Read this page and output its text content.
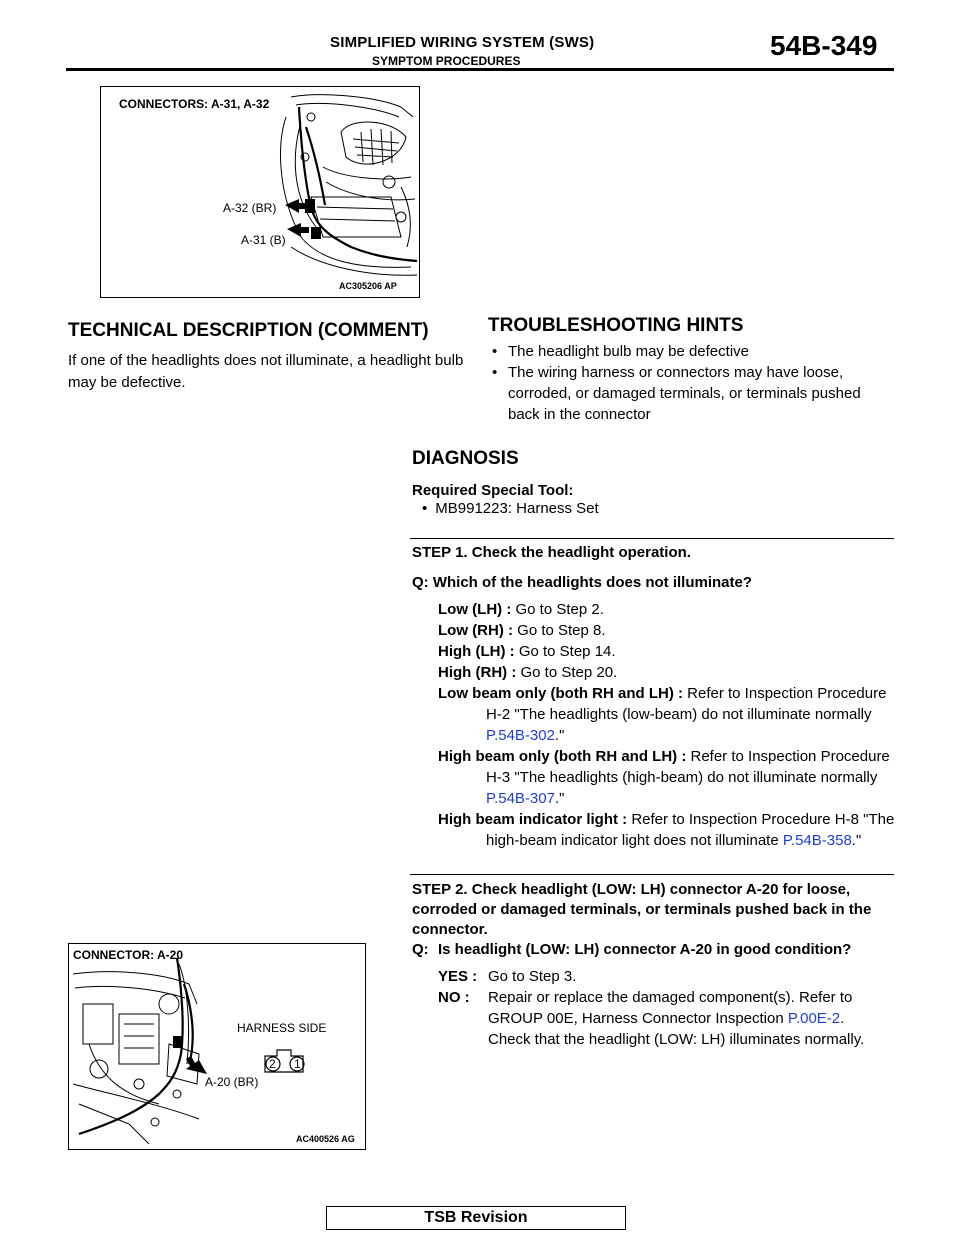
SIMPLIFIED WIRING SYSTEM (SWS)
SYMPTOM PROCEDURES	54B-349
CONNECTORS: A-31, A-32
A-32 (BR)
A-31 (B)
AC305206 AP
TECHNICAL DESCRIPTION (COMMENT)
If one of the headlights does not illuminate, a headlight bulb may be defective.
TROUBLESHOOTING HINTS
• The headlight bulb may be defective
• The wiring harness or connectors may have loose, corroded, or damaged terminals, or terminals pushed back in the connector
DIAGNOSIS
Required Special Tool:
• MB991223: Harness Set
STEP 1. Check the headlight operation.
Q: Which of the headlights does not illuminate?
Low (LH) : Go to Step 2.
Low (RH) : Go to Step 8.
High (LH) : Go to Step 14.
High (RH) : Go to Step 20.
Low beam only (both RH and LH) : Refer to Inspection Procedure H-2 "The headlights (low-beam) do not illuminate normally P.54B-302."
High beam only (both RH and LH) : Refer to Inspection Procedure H-3 "The headlights (high-beam) do not illuminate normally P.54B-307."
High beam indicator light : Refer to Inspection Procedure H-8 "The high-beam indicator light does not illuminate P.54B-358."
STEP 2. Check headlight (LOW: LH) connector A-20 for loose, corroded or damaged terminals, or terminals pushed back in the connector.
Q: Is headlight (LOW: LH) connector A-20 in good condition?
YES : Go to Step 3.
NO :	Repair or replace the damaged component(s). Refer to GROUP 00E, Harness Connector Inspection P.00E-2. Check that the headlight (LOW: LH) illuminates normally.
CONNECTOR: A-20
HARNESS SIDE
2 1
A-20 (BR)
AC400526 AG
TSB Revision
